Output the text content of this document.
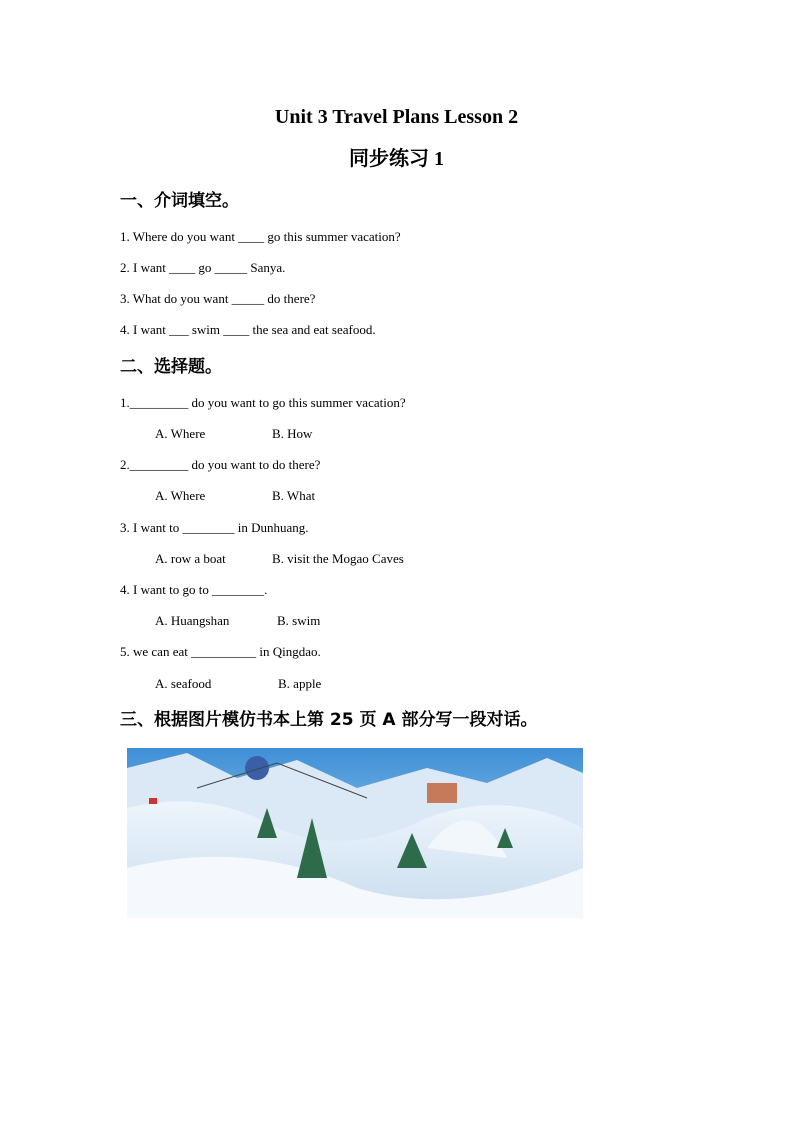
Unit 3 Travel Plans Lesson 2
同步练习 1
一、介词填空。
1. Where do you want ____ go this summer vacation?
2. I want ____ go _____ Sanya.
3. What do you want _____ do there?
4. I want ___ swim ____ the sea and eat seafood.
二、选择题。
1._________ do you want to go this summer vacation?
A. Where	B. How
2._________ do you want to do there?
A. Where	B. What
3. I want to ________ in Dunhuang.
A. row a boat	B. visit the Mogao Caves
4. I want to go to ________.
A. Huangshan	B. swim
5. we can eat __________ in Qingdao.
A. seafood	B. apple
三、根据图片模仿书本上第 25 页 A 部分写一段对话。
